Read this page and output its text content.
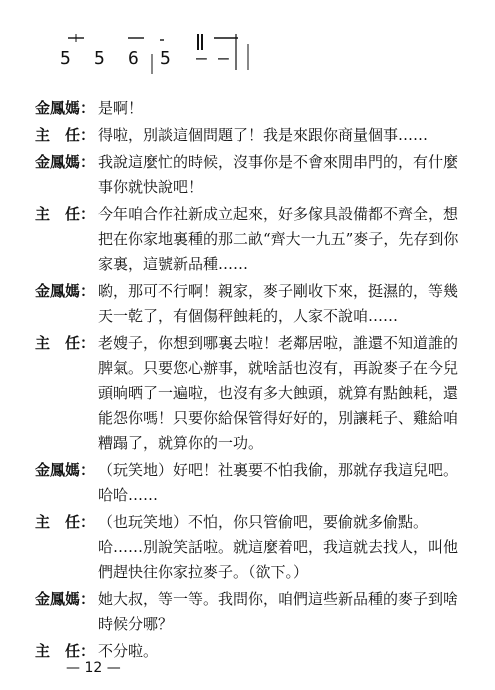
5 5 6 5 — —
金鳳媽： 是啊！
主　任： 得啦，別談這個問題了！我是來跟你商量個事……
金鳳媽： 我說這麼忙的時候，沒事你是不會來閒串門的，有什麼事你就快說吧！
主　任： 今年咱合作社新成立起來，好多傢具設備都不齊全，想把在你家地裏種的那二畝“齊大一九五”麥子，先存到你家裏，這號新品種……
金鳳媽： 喲，那可不行啊！親家，麥子剛收下來，挺濕的，等幾天一乾了，有個傷秤蝕耗的，人家不說咱……
主　任： 老嫂子，你想到哪裏去啦！老鄰居啦，誰還不知道誰的脾氣。只要您心辦事，就啥話也沒有，再說麥子在今兒頭晌晒了一遍啦，也沒有多大蝕頭，就算有點蝕耗，還能怨你嗎！只要你給保管得好好的，別讓耗子、雞給咱糟蹋了，就算你的一功。
金鳳媽： （玩笑地）好吧！社裏要不怕我偷，那就存我這兒吧。哈哈……
主　任： （也玩笑地）不怕，你只管偷吧，要偷就多偷點。哈……別說笑話啦。就這麼着吧，我這就去找人，叫他們趕快往你家拉麥子。（欲下。）
金鳳媽： 她大叔，等一等。我問你，咱們這些新品種的麥子到啥時候分哪？
主　任： 不分啦。
— 12 —
